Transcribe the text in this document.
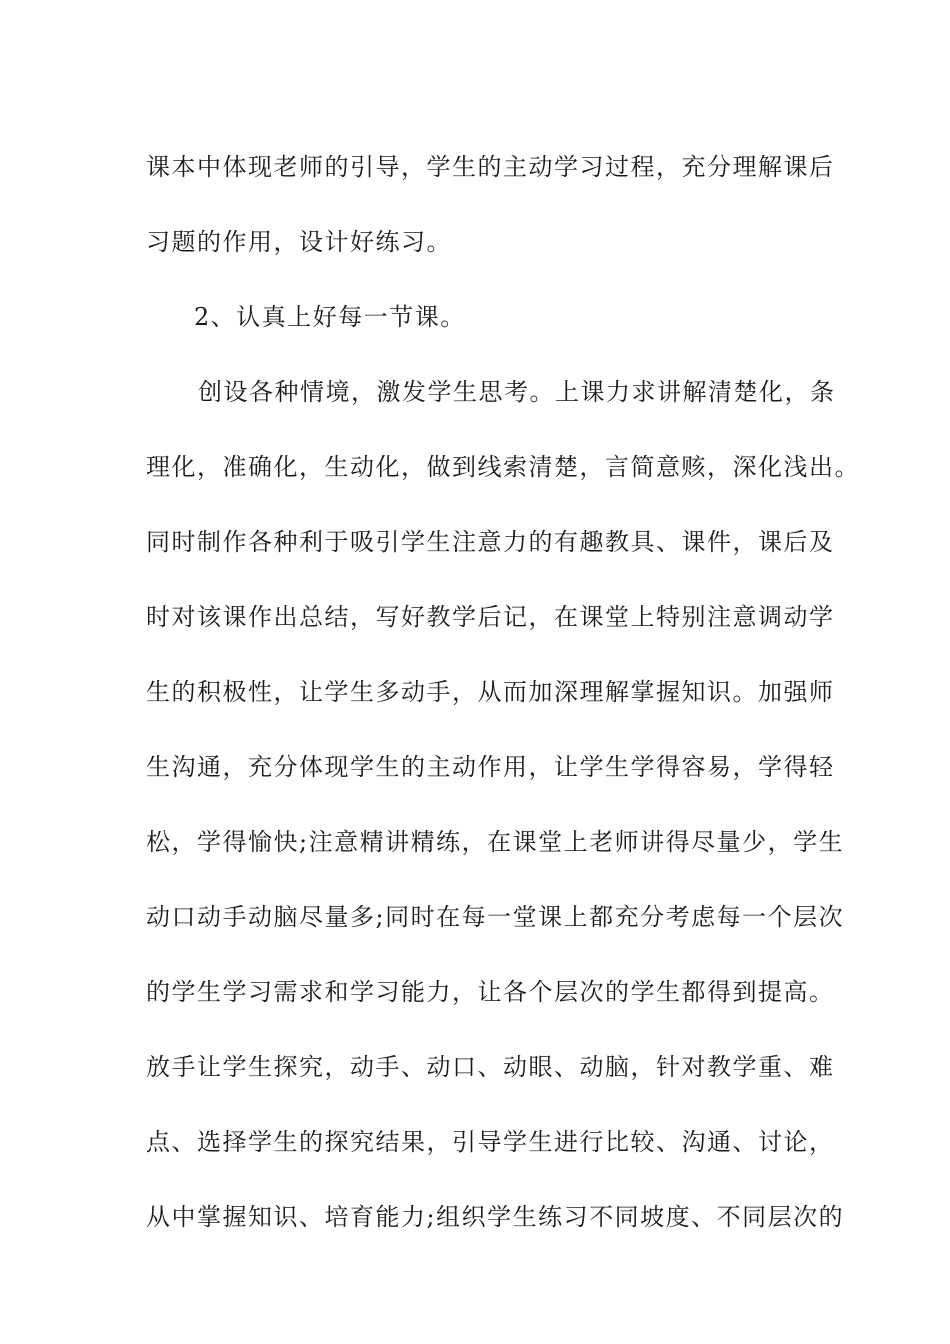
课本中体现老师的引导，学生的主动学习过程，充分理解课后
习题的作用，设计好练习。
2、认真上好每一节课。
创设各种情境，激发学生思考。上课力求讲解清楚化，条
理化，准确化，生动化，做到线索清楚，言简意赅，深化浅出。
同时制作各种利于吸引学生注意力的有趣教具、课件，课后及
时对该课作出总结，写好教学后记，在课堂上特别注意调动学
生的积极性，让学生多动手，从而加深理解掌握知识。加强师
生沟通，充分体现学生的主动作用，让学生学得容易，学得轻
松，学得愉快;注意精讲精练，在课堂上老师讲得尽量少，学生
动口动手动脑尽量多;同时在每一堂课上都充分考虑每一个层次
的学生学习需求和学习能力，让各个层次的学生都得到提高。
放手让学生探究，动手、动口、动眼、动脑，针对教学重、难
点、选择学生的探究结果，引导学生进行比较、沟通、讨论，
从中掌握知识、培育能力;组织学生练习不同坡度、不同层次的
